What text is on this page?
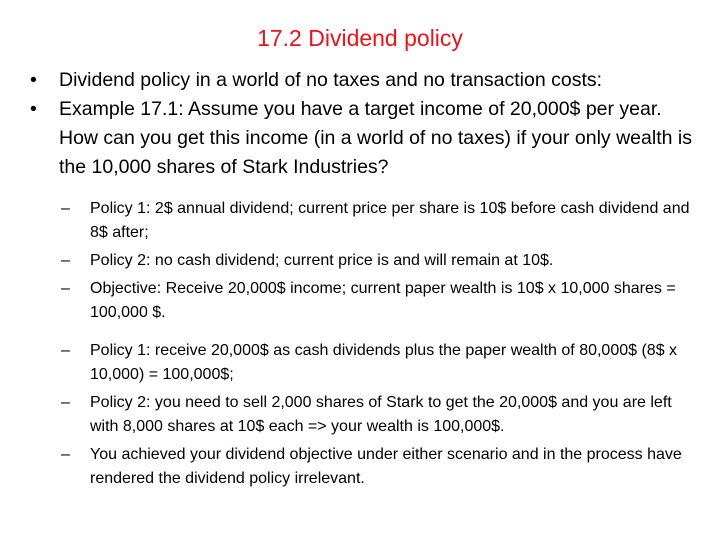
17.2 Dividend policy
•	Dividend policy in a world of no taxes and no transaction costs:
•	Example 17.1: Assume you have a target income of 20,000$ per year. How can you get this income (in a world of no taxes) if your only wealth is the 10,000 shares of Stark Industries?
–	Policy 1: 2$ annual dividend; current price per share is 10$ before cash dividend and 8$ after;
–	Policy 2: no cash dividend; current price is and will remain at 10$.
–	Objective: Receive 20,000$ income; current paper wealth is 10$ x 10,000 shares = 100,000 $.
–	Policy 1: receive 20,000$ as cash dividends plus the paper wealth of 80,000$ (8$ x 10,000) = 100,000$;
–	Policy 2: you need to sell 2,000 shares of Stark to get the 20,000$ and you are left with 8,000 shares at 10$ each => your wealth is 100,000$.
–	You achieved your dividend objective under either scenario and in the process have rendered the dividend policy irrelevant.
